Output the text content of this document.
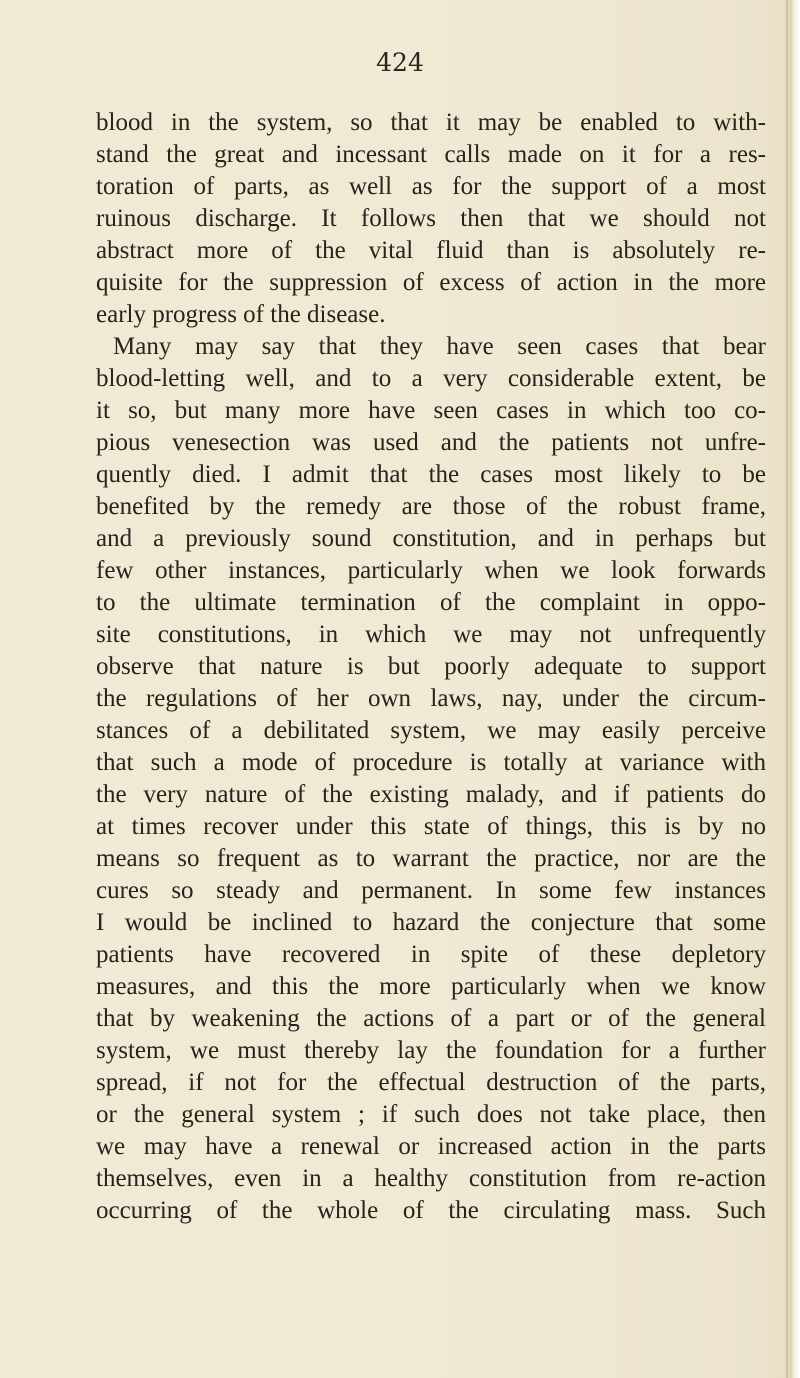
424
blood in the system, so that it may be enabled to with-
stand the great and incessant calls made on it for a res-
toration of parts, as well as for the support of a most
ruinous discharge. It follows then that we should not
abstract more of the vital fluid than is absolutely re-
quisite for the suppression of excess of action in the more
early progress of the disease.
Many may say that they have seen cases that bear
blood-letting well, and to a very considerable extent, be
it so, but many more have seen cases in which too co-
pious venesection was used and the patients not unfre-
quently died. I admit that the cases most likely to be
benefited by the remedy are those of the robust frame,
and a previously sound constitution, and in perhaps but
few other instances, particularly when we look forwards
to the ultimate termination of the complaint in oppo-
site constitutions, in which we may not unfrequently
observe that nature is but poorly adequate to support
the regulations of her own laws, nay, under the circum-
stances of a debilitated system, we may easily perceive
that such a mode of procedure is totally at variance with
the very nature of the existing malady, and if patients do
at times recover under this state of things, this is by no
means so frequent as to warrant the practice, nor are the
cures so steady and permanent. In some few instances
I would be inclined to hazard the conjecture that some
patients have recovered in spite of these depletory
measures, and this the more particularly when we know
that by weakening the actions of a part or of the general
system, we must thereby lay the foundation for a further
spread, if not for the effectual destruction of the parts,
or the general system ; if such does not take place, then
we may have a renewal or increased action in the parts
themselves, even in a healthy constitution from re-action
occurring of the whole of the circulating mass. Such
